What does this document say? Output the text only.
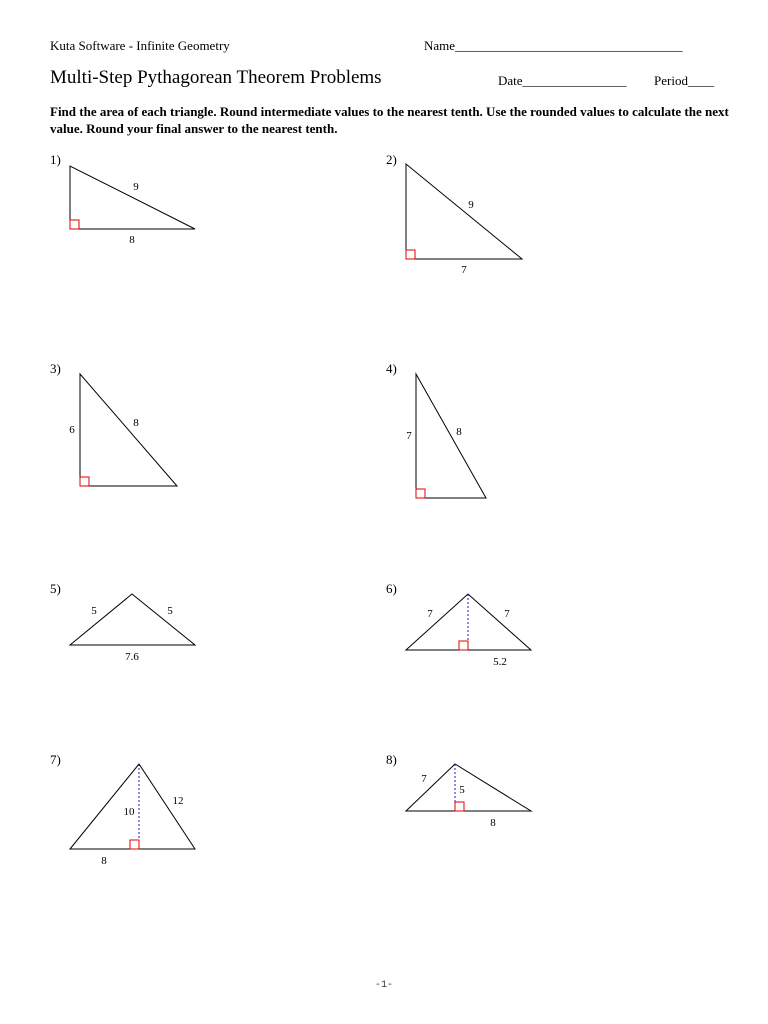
Kuta Software - Infinite Geometry	Name___________________________________
Multi-Step Pythagorean Theorem Problems	Date________________ Period____
Find the area of each triangle. Round intermediate values to the nearest tenth. Use the rounded values to calculate the next value. Round your final answer to the nearest tenth.
1)	2)
3)	4)
5)	6)
7)	8)
9
8
9
7
6
8
7	8
5	5
7.6
7	7
5.2
10
12
8
7
5
8
-1-
